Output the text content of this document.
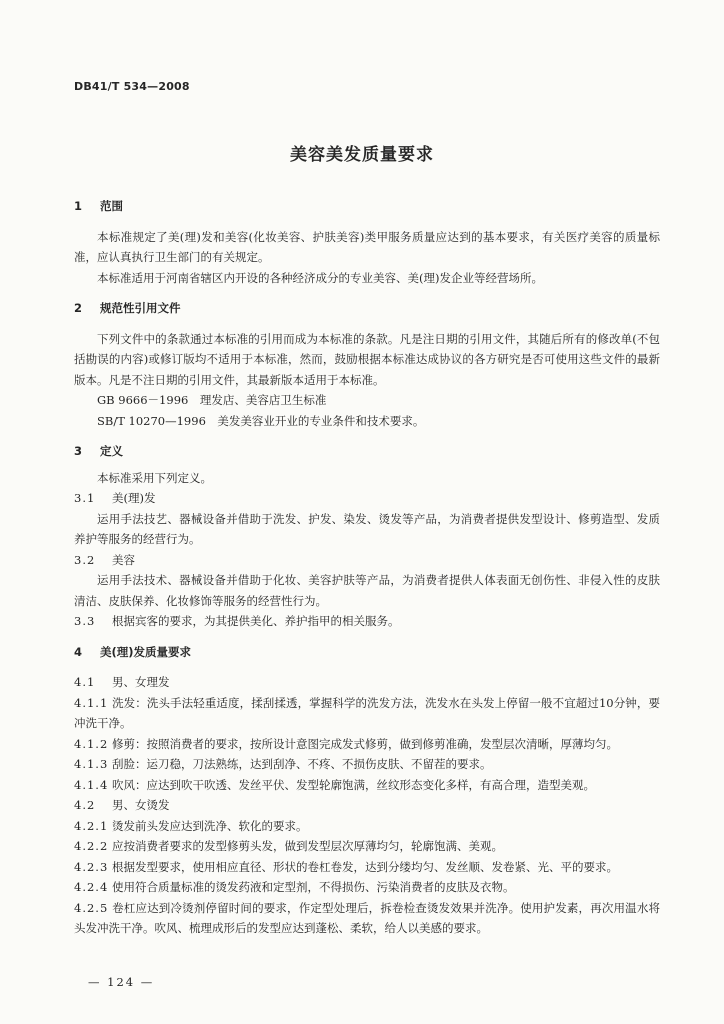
DB41/T 534—2008
美容美发质量要求

1 范围

本标准规定了美(理)发和美容(化妆美容、护肤美容)类甲服务质量应达到的基本要求，有关医疗美容的质量标准，应认真执行卫生部门的有关规定。

本标准适用于河南省辖区内开设的各种经济成分的专业美容、美(理)发企业等经营场所。

2 规范性引用文件

下列文件中的条款通过本标准的引用而成为本标准的条款。凡是注日期的引用文件，其随后所有的修改单(不包括勘误的内容)或修订版均不适用于本标准，然而，鼓励根据本标准达成协议的各方研究是否可使用这些文件的最新版本。凡是不注日期的引用文件，其最新版本适用于本标准。

GB 9666－1996　理发店、美容店卫生标准

SB/T 10270—1996　美发美容业开业的专业条件和技术要求。

3 定义

本标准采用下列定义。

3.1 美(理)发

运用手法技艺、器械设备并借助于洗发、护发、染发、烫发等产品，为消费者提供发型设计、修剪造型、发质养护等服务的经营行为。

3.2 美容

运用手法技术、器械设备并借助于化妆、美容护肤等产品，为消费者提供人体表面无创伤性、非侵入性的皮肤清洁、皮肤保养、化妆修饰等服务的经营性行为。

3.3 根据宾客的要求，为其提供美化、养护指甲的相关服务。

4 美(理)发质量要求

4.1 男、女理发

4.1.1 洗发：洗头手法轻重适度，揉刮揉透，掌握科学的洗发方法，洗发水在头发上停留一般不宜超过10分钟，要冲洗干净。

4.1.2 修剪：按照消费者的要求，按所设计意图完成发式修剪，做到修剪准确，发型层次清晰，厚薄均匀。

4.1.3 刮脸：运刀稳，刀法熟练，达到刮净、不疼、不损伤皮肤、不留茬的要求。

4.1.4 吹风：应达到吹干吹透、发丝平伏、发型轮廓饱满，丝纹形态变化多样，有高合理，造型美观。

4.2 男、女烫发

4.2.1 烫发前头发应达到洗净、软化的要求。

4.2.2 应按消费者要求的发型修剪头发，做到发型层次厚薄均匀，轮廓饱满、美观。

4.2.3 根据发型要求，使用相应直径、形状的卷杠卷发，达到分缕均匀、发丝顺、发卷紧、光、平的要求。

4.2.4 使用符合质量标准的烫发药液和定型剂，不得损伤、污染消费者的皮肤及衣物。

4.2.5 卷杠应达到冷烫剂停留时间的要求，作定型处理后，拆卷检查烫发效果并洗净。使用护发素，再次用温水将头发冲洗干净。吹风、梳理成形后的发型应达到蓬松、柔软，给人以美感的要求。

— 124 —
